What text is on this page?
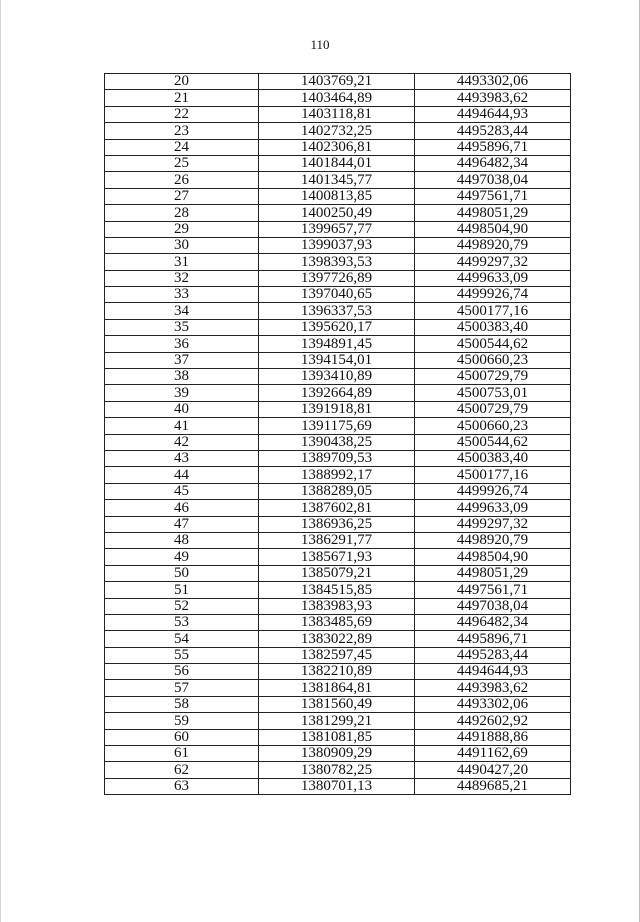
110
20	1403769,21	4493302,06
21	1403464,89	4493983,62
22	1403118,81	4494644,93
23	1402732,25	4495283,44
24	1402306,81	4495896,71
25	1401844,01	4496482,34
26	1401345,77	4497038,04
27	1400813,85	4497561,71
28	1400250,49	4498051,29
29	1399657,77	4498504,90
30	1399037,93	4498920,79
31	1398393,53	4499297,32
32	1397726,89	4499633,09
33	1397040,65	4499926,74
34	1396337,53	4500177,16
35	1395620,17	4500383,40
36	1394891,45	4500544,62
37	1394154,01	4500660,23
38	1393410,89	4500729,79
39	1392664,89	4500753,01
40	1391918,81	4500729,79
41	1391175,69	4500660,23
42	1390438,25	4500544,62
43	1389709,53	4500383,40
44	1388992,17	4500177,16
45	1388289,05	4499926,74
46	1387602,81	4499633,09
47	1386936,25	4499297,32
48	1386291,77	4498920,79
49	1385671,93	4498504,90
50	1385079,21	4498051,29
51	1384515,85	4497561,71
52	1383983,93	4497038,04
53	1383485,69	4496482,34
54	1383022,89	4495896,71
55	1382597,45	4495283,44
56	1382210,89	4494644,93
57	1381864,81	4493983,62
58	1381560,49	4493302,06
59	1381299,21	4492602,92
60	1381081,85	4491888,86
61	1380909,29	4491162,69
62	1380782,25	4490427,20
63	1380701,13	4489685,21
